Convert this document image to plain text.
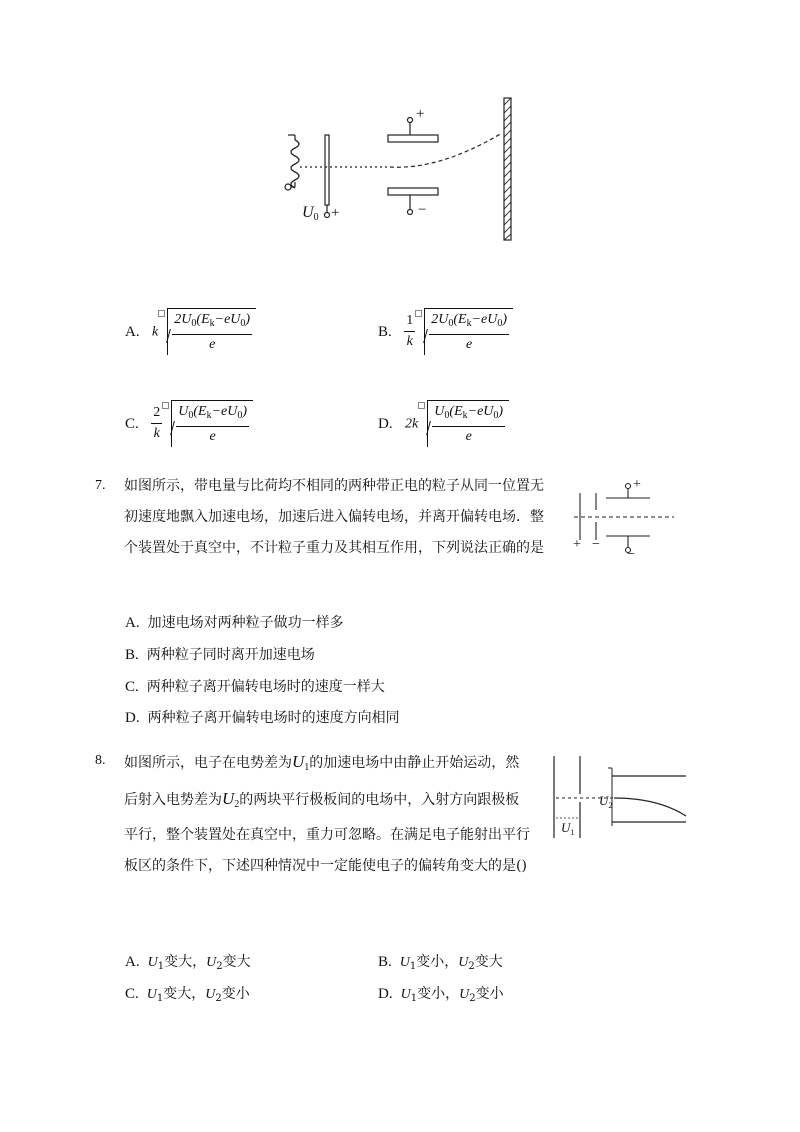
+
−
$U_0$ +
A. k $\frac{2U_0(E_k-eU_0)}{e}$	B. $\frac{1}{k} \frac{2U_0(E_k-eU_0)}{e}$
C. $\frac{2}{k} \frac{U_0(E_k-eU_0)}{e}$	D. $2k \frac{U_0(E_k-eU_0)}{e}$
7. 如图所示，带电量与比荷均不相同的两种带正电的粒子从同一位置无
初速度地飘入加速电场，加速后进入偏转电场，并离开偏转电场．整
个装置处于真空中，不计粒子重力及其相互作用，下列说法正确的是
+
+ −
−
A. 加速电场对两种粒子做功一样多
B. 两种粒子同时离开加速电场
C. 两种粒子离开偏转电场时的速度一样大
D. 两种粒子离开偏转电场时的速度方向相同
8. 如图所示，电子在电势差为$U_1$的加速电场中由静止开始运动，然
后射入电势差为$U_2$的两块平行极板间的电场中，入射方向跟极板
平行，整个装置处在真空中，重力可忽略。在满足电子能射出平行
板区的条件下，下述四种情况中一定能使电子的偏转角变大的是()
$U_2$
$U_1$
A. $U_1$变大，$U_2$变大	B. $U_1$变小，$U_2$变大
C. $U_1$变大，$U_2$变小	D. $U_1$变小，$U_2$变小
